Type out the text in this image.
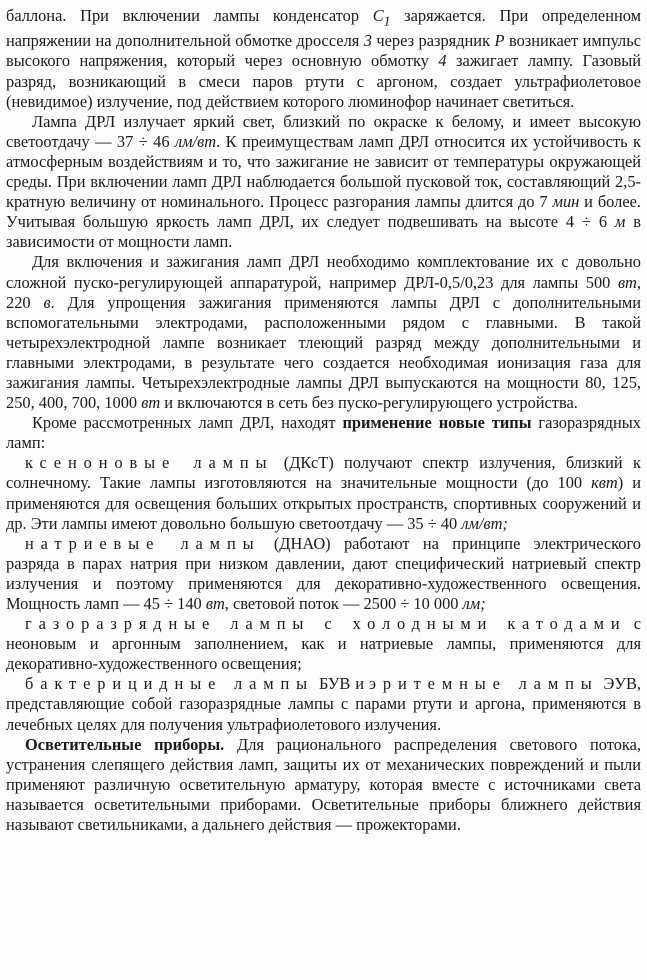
баллона. При включении лампы конденсатор $C_1$ заряжается. При определенном напряжении на дополнительной обмотке дросселя 3 через разрядник Р возникает импульс высокого напряжения, который через основную обмотку 4 зажигает лампу. Газовый разряд, возникающий в смеси паров ртути с аргоном, создает ультрафиолетовое (невидимое) излучение, под действием которого люминофор начинает светиться.

Лампа ДРЛ излучает яркий свет, близкий по окраске к белому, и имеет высокую светоотдачу — 37 ÷ 46 лм/вт. К преимуществам ламп ДРЛ относится их устойчивость к атмосферным воздействиям и то, что зажигание не зависит от температуры окружающей среды. При включении ламп ДРЛ наблюдается большой пусковой ток, составляющий 2,5-кратную величину от номинального. Процесс разгорания лампы длится до 7 мин и более. Учитывая большую яркость ламп ДРЛ, их следует подвешивать на высоте 4 ÷ 6 м в зависимости от мощности ламп.

Для включения и зажигания ламп ДРЛ необходимо комплектование их с довольно сложной пуско-регулирующей аппаратурой, например ДРЛ-0,5/0,23 для лампы 500 вт, 220 в. Для упрощения зажигания применяются лампы ДРЛ с дополнительными вспомогательными электродами, расположенными рядом с главными. В такой четырехэлектродной лампе возникает тлеющий разряд между дополнительными и главными электродами, в результате чего создается необходимая ионизация газа для зажигания лампы. Четырехэлектродные лампы ДРЛ выпускаются на мощности 80, 125, 250, 400, 700, 1000 вт и включаются в сеть без пуско-регулирующего устройства.

Кроме рассмотренных ламп ДРЛ, находят применение новые типы газоразрядных ламп:

ксеноновые лампы (ДКсТ) получают спектр излучения, близкий к солнечному. Такие лампы изготовляются на значительные мощности (до 100 квт) и применяются для освещения больших открытых пространств, спортивных сооружений и др. Эти лампы имеют довольно большую светоотдачу — 35 ÷ 40 лм/вт;

натриевые лампы (ДНАО) работают на принципе электрического разряда в парах натрия при низком давлении, дают специфический натриевый спектр излучения и поэтому применяются для декоративно-художественного освещения. Мощность ламп — 45 ÷ 140 вт, световой поток — 2500 ÷ 10 000 лм;

газоразрядные лампы с холодными катодами с неоновым и аргонным заполнением, как и натриевые лампы, применяются для декоративно-художественного освещения;

бактерицидные лампы БУВ и эритемные лампы ЭУВ, представляющие собой газоразрядные лампы с парами ртути и аргона, применяются в лечебных целях для получения ультрафиолетового излучения.

Осветительные приборы. Для рационального распределения светового потока, устранения слепящего действия ламп, защиты их от механических повреждений и пыли применяют различную осветительную арматуру, которая вместе с источниками света называется осветительными приборами. Осветительные приборы ближнего действия называют светильниками, а дальнего действия — прожекторами.
